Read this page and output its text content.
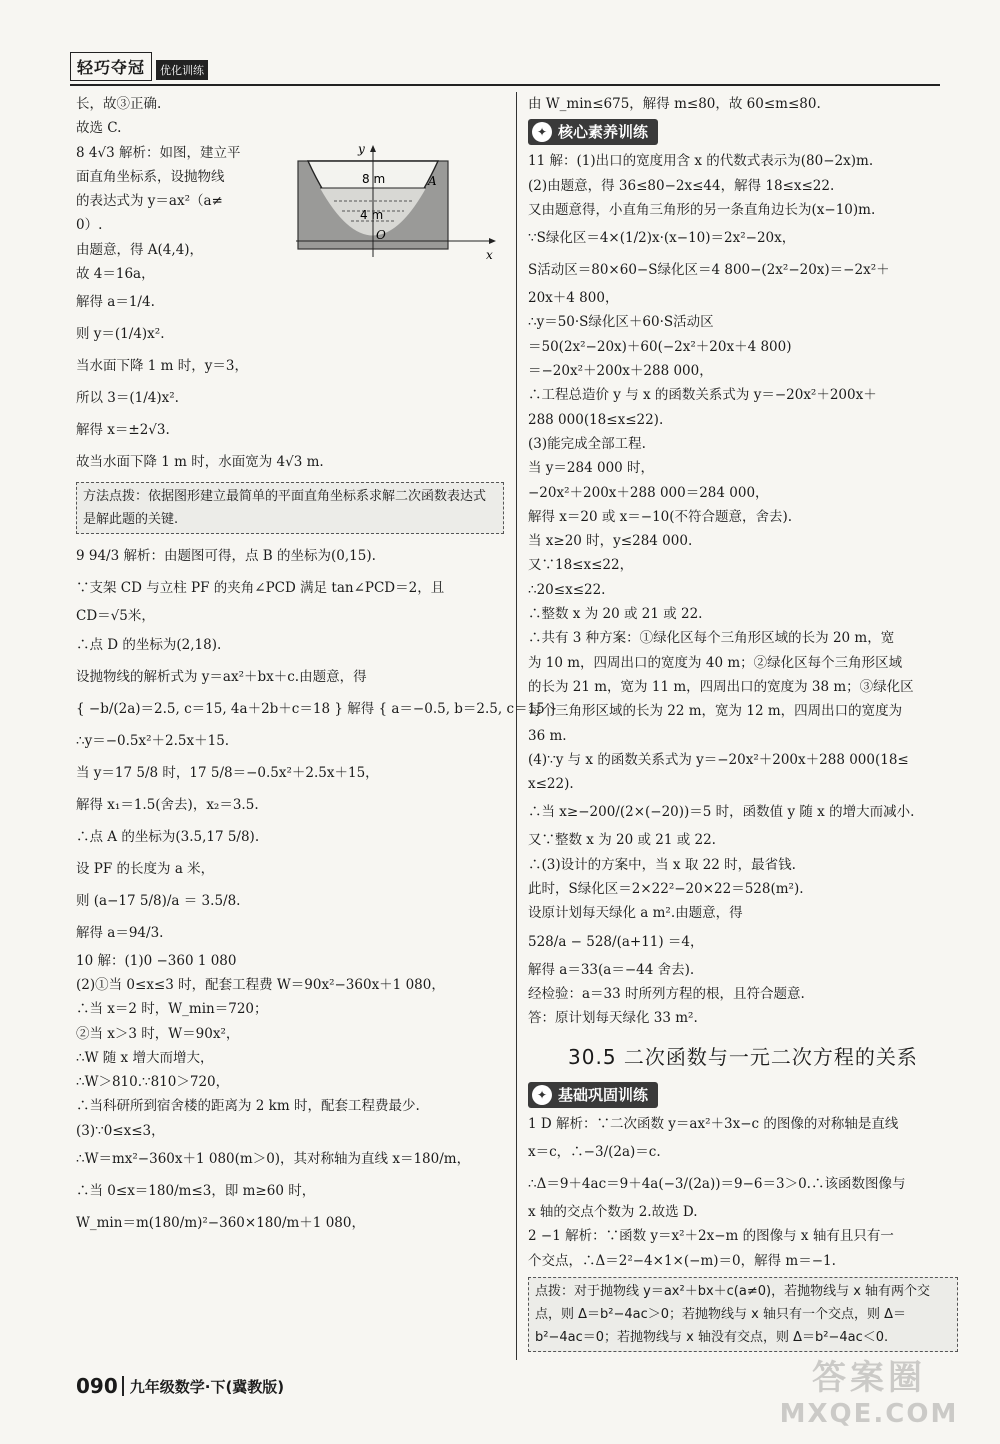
轻巧夺冠	优化训练
长，故③正确.
故选 C.
8 4√3 解析：如图，建立平
面直角坐标系，设抛物线
的表达式为 y＝ax²（a≠
0）.
由题意，得 A(4,4)，
故 4＝16a，
解得 a＝1/4.
则 y＝(1/4)x².
当水面下降 1 m 时，y＝3，
所以 3＝(1/4)x².
解得 x＝±2√3.
故当水面下降 1 m 时，水面宽为 4√3 m.
方法点拨：依据图形建立最简单的平面直角坐标系求解二次函数表达式是解此题的关键.
9 94/3 解析：由题图可得，点 B 的坐标为(0,15).
∵支架 CD 与立柱 PF 的夹角∠PCD 满足 tan∠PCD＝2，且
CD＝√5米，
∴点 D 的坐标为(2,18).
设抛物线的解析式为 y＝ax²＋bx＋c.由题意，得
{ −b/(2a)＝2.5, c＝15, 4a＋2b＋c＝18 } 解得 { a＝−0.5, b＝2.5, c＝15 }
∴y＝−0.5x²＋2.5x＋15.
当 y＝17 5/8 时，17 5/8＝−0.5x²＋2.5x＋15，
解得 x₁＝1.5(舍去)，x₂＝3.5.
∴点 A 的坐标为(3.5,17 5/8).
设 PF 的长度为 a 米，
则 (a−17 5/8)/a ＝ 3.5/8.
解得 a＝94/3.
10 解：(1)0 −360 1 080
(2)①当 0≤x≤3 时，配套工程费 W＝90x²−360x＋1 080，
∴当 x＝2 时，W_min＝720；
②当 x＞3 时，W＝90x²，
∴W 随 x 增大而增大，
∴W＞810.∵810＞720，
∴当科研所到宿舍楼的距离为 2 km 时，配套工程费最少.
(3)∵0≤x≤3，
∴W＝mx²−360x＋1 080(m＞0)，其对称轴为直线 x＝180/m，
∴当 0≤x＝180/m≤3，即 m≥60 时，
W_min＝m(180/m)²−360×180/m＋1 080，
y
x
8 m
4 m
A
O
由 W_min≤675，解得 m≤80，故 60≤m≤80.
✦ 核心素养训练
11 解：(1)出口的宽度用含 x 的代数式表示为(80−2x)m.
(2)由题意，得 36≤80−2x≤44，解得 18≤x≤22.
又由题意得，小直角三角形的另一条直角边长为(x−10)m.
∵S绿化区＝4×(1/2)x·(x−10)＝2x²−20x，
S活动区＝80×60−S绿化区＝4 800−(2x²−20x)＝−2x²＋
20x＋4 800，
∴y＝50·S绿化区＋60·S活动区
＝50(2x²−20x)＋60(−2x²＋20x＋4 800)
＝−20x²＋200x＋288 000，
∴工程总造价 y 与 x 的函数关系式为 y＝−20x²＋200x＋
288 000(18≤x≤22).
(3)能完成全部工程.
当 y＝284 000 时，
−20x²＋200x＋288 000＝284 000，
解得 x＝20 或 x＝−10(不符合题意，舍去).
当 x≥20 时，y≤284 000.
又∵18≤x≤22，
∴20≤x≤22.
∴整数 x 为 20 或 21 或 22.
∴共有 3 种方案：①绿化区每个三角形区域的长为 20 m，宽
为 10 m，四周出口的宽度为 40 m；②绿化区每个三角形区域
的长为 21 m，宽为 11 m，四周出口的宽度为 38 m；③绿化区
每个三角形区域的长为 22 m，宽为 12 m，四周出口的宽度为
36 m.
(4)∵y 与 x 的函数关系式为 y＝−20x²＋200x＋288 000(18≤
x≤22).
∴当 x≥−200/(2×(−20))＝5 时，函数值 y 随 x 的增大而减小.
又∵整数 x 为 20 或 21 或 22.
∴(3)设计的方案中，当 x 取 22 时，最省钱.
此时，S绿化区＝2×22²−20×22＝528(m²).
设原计划每天绿化 a m².由题意，得
528/a − 528/(a+11) ＝4，
解得 a＝33(a＝−44 舍去).
经检验：a＝33 时所列方程的根，且符合题意.
答：原计划每天绿化 33 m².
30.5 二次函数与一元二次方程的关系
✦ 基础巩固训练
1 D 解析：∵二次函数 y＝ax²＋3x−c 的图像的对称轴是直线
x＝c，∴−3/(2a)＝c.
∴Δ＝9＋4ac＝9＋4a(−3/(2a))＝9−6＝3＞0.∴该函数图像与
x 轴的交点个数为 2.故选 D.
2 −1 解析：∵函数 y＝x²＋2x−m 的图像与 x 轴有且只有一
个交点，∴Δ＝2²−4×1×(−m)＝0，解得 m＝−1.
点拨：对于抛物线 y＝ax²＋bx＋c(a≠0)，若抛物线与 x 轴有两个交点，则 Δ＝b²−4ac＞0；若抛物线与 x 轴只有一个交点，则 Δ＝b²−4ac＝0；若抛物线与 x 轴没有交点，则 Δ＝b²−4ac＜0.
090 九年级数学·下(冀教版)	答案圈
MXQE.COM
